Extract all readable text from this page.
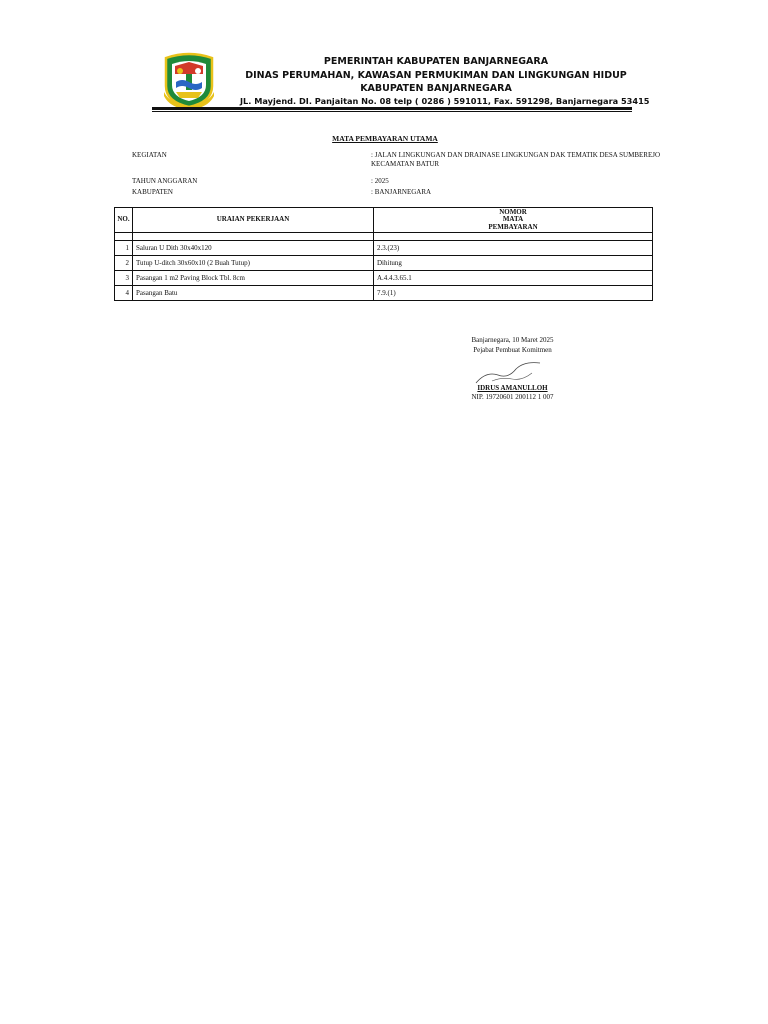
PEMERINTAH KABUPATEN BANJARNEGARA
DINAS PERUMAHAN, KAWASAN PERMUKIMAN DAN LINGKUNGAN HIDUP
KABUPATEN BANJARNEGARA
JL. Mayjend. DI. Panjaitan No. 08 telp ( 0286 ) 591011, Fax. 591298, Banjarnegara 53415
MATA PEMBAYARAN UTAMA
KEGIATAN	: JALAN LINGKUNGAN DAN DRAINASE LINGKUNGAN DAK TEMATIK DESA SUMBEREJO KECAMATAN BATUR
TAHUN ANGGARAN	: 2025
KABUPATEN	: BANJARNEGARA
NO.	URAIAN PEKERJAAN	NOMOR
MATA
PEMBAYARAN

1	Saluran U Dith 30x40x120	2.3.(23)
2	Tutup U-ditch 30x60x10 (2 Buah Tutup)	Dihitung
3	Pasangan 1 m2 Paving Block Tbl. 8cm	A.4.4.3.65.1
4	Pasangan Batu	7.9.(1)
Banjarnegara, 10 Maret 2025
Pejabat Pembuat Komitmen
IDRUS AMANULLOH
NIP. 19720601 200112 1 007
